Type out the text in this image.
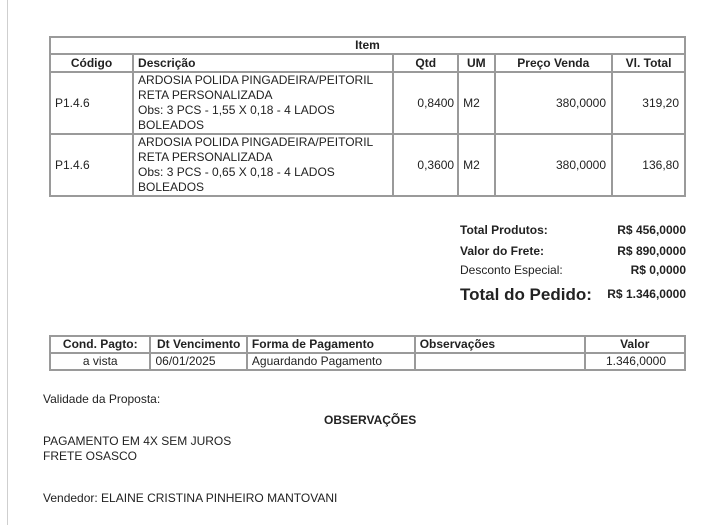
Item					
Código	Descrição	Qtd	UM	Preço Venda	Vl. Total
P1.4.6	ARDOSIA POLIDA PINGADEIRA/PEITORIL
RETA PERSONALIZADA
Obs: 3 PCS - 1,55 X 0,18 - 4 LADOS
BOLEADOS	0,8400	M2	380,0000	319,20
P1.4.6	ARDOSIA POLIDA PINGADEIRA/PEITORIL
RETA PERSONALIZADA
Obs: 3 PCS - 0,65 X 0,18 - 4 LADOS
BOLEADOS	0,3600	M2	380,0000	136,80
Total Produtos:	R$ 456,0000
Valor do Frete:	R$ 890,0000
Desconto Especial:	R$ 0,0000
Total do Pedido: R$ 1.346,0000
Cond. Pagto:	Dt Vencimento	Forma de Pagamento	Observações	Valor
a vista	06/01/2025	Aguardando Pagamento		1.346,0000
Validade da Proposta:
OBSERVAÇÕES
PAGAMENTO EM 4X SEM JUROS
FRETE OSASCO
Vendedor: ELAINE CRISTINA PINHEIRO MANTOVANI
